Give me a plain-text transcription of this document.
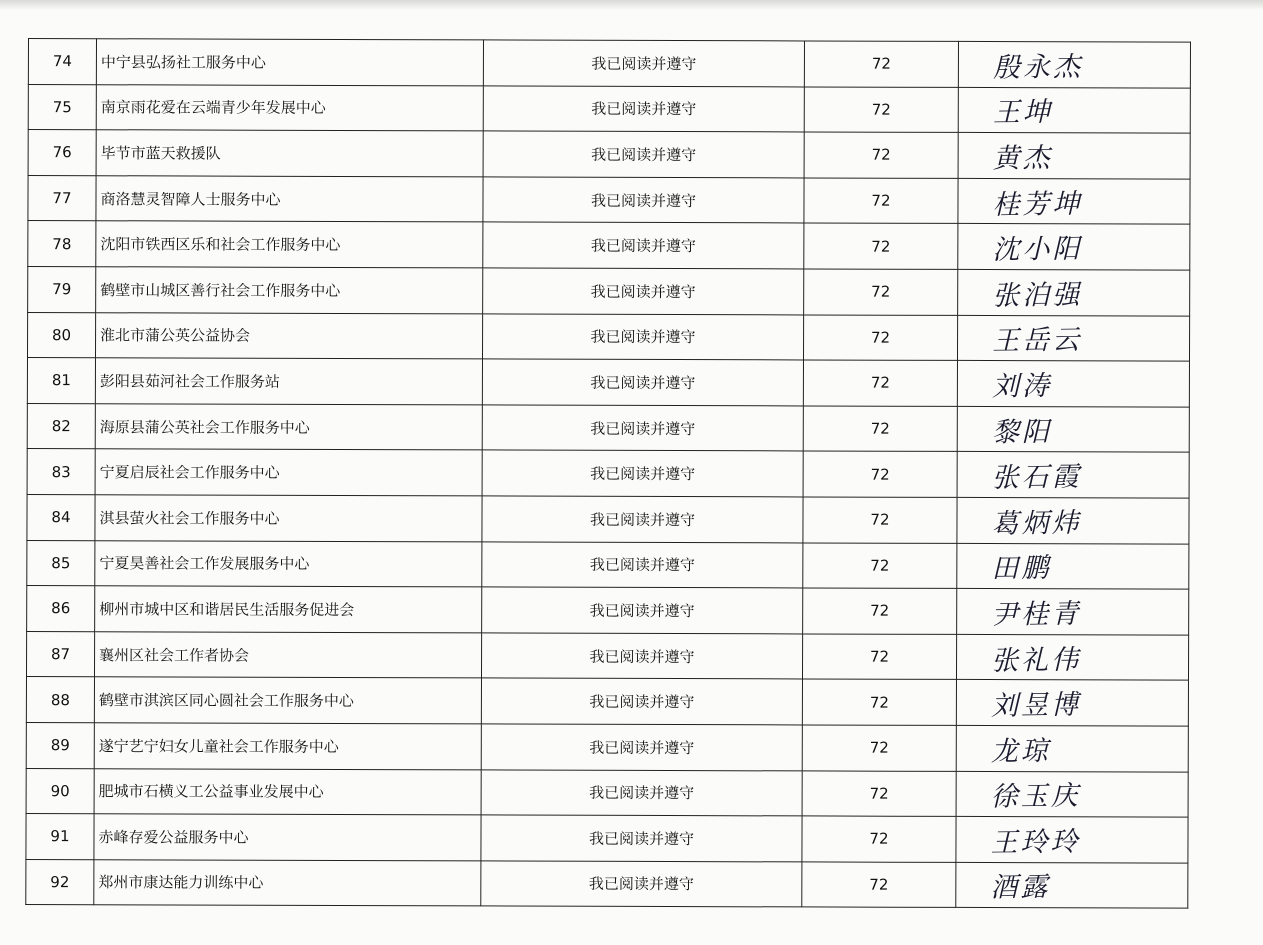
74	中宁县弘扬社工服务中心	我已阅读并遵守	72	殷永杰
75	南京雨花爱在云端青少年发展中心	我已阅读并遵守	72	王坤
76	毕节市蓝天救援队	我已阅读并遵守	72	黄杰
77	商洛慧灵智障人士服务中心	我已阅读并遵守	72	桂芳坤
78	沈阳市铁西区乐和社会工作服务中心	我已阅读并遵守	72	沈小阳
79	鹤壁市山城区善行社会工作服务中心	我已阅读并遵守	72	张泊强
80	淮北市蒲公英公益协会	我已阅读并遵守	72	王岳云
81	彭阳县茹河社会工作服务站	我已阅读并遵守	72	刘涛
82	海原县蒲公英社会工作服务中心	我已阅读并遵守	72	黎阳
83	宁夏启辰社会工作服务中心	我已阅读并遵守	72	张石霞
84	淇县萤火社会工作服务中心	我已阅读并遵守	72	葛炳炜
85	宁夏昊善社会工作发展服务中心	我已阅读并遵守	72	田鹏
86	柳州市城中区和谐居民生活服务促进会	我已阅读并遵守	72	尹桂青
87	襄州区社会工作者协会	我已阅读并遵守	72	张礼伟
88	鹤壁市淇滨区同心圆社会工作服务中心	我已阅读并遵守	72	刘昱博
89	遂宁艺宁妇女儿童社会工作服务中心	我已阅读并遵守	72	龙琼
90	肥城市石横义工公益事业发展中心	我已阅读并遵守	72	徐玉庆
91	赤峰存爱公益服务中心	我已阅读并遵守	72	王玲玲
92	郑州市康达能力训练中心	我已阅读并遵守	72	酒露
